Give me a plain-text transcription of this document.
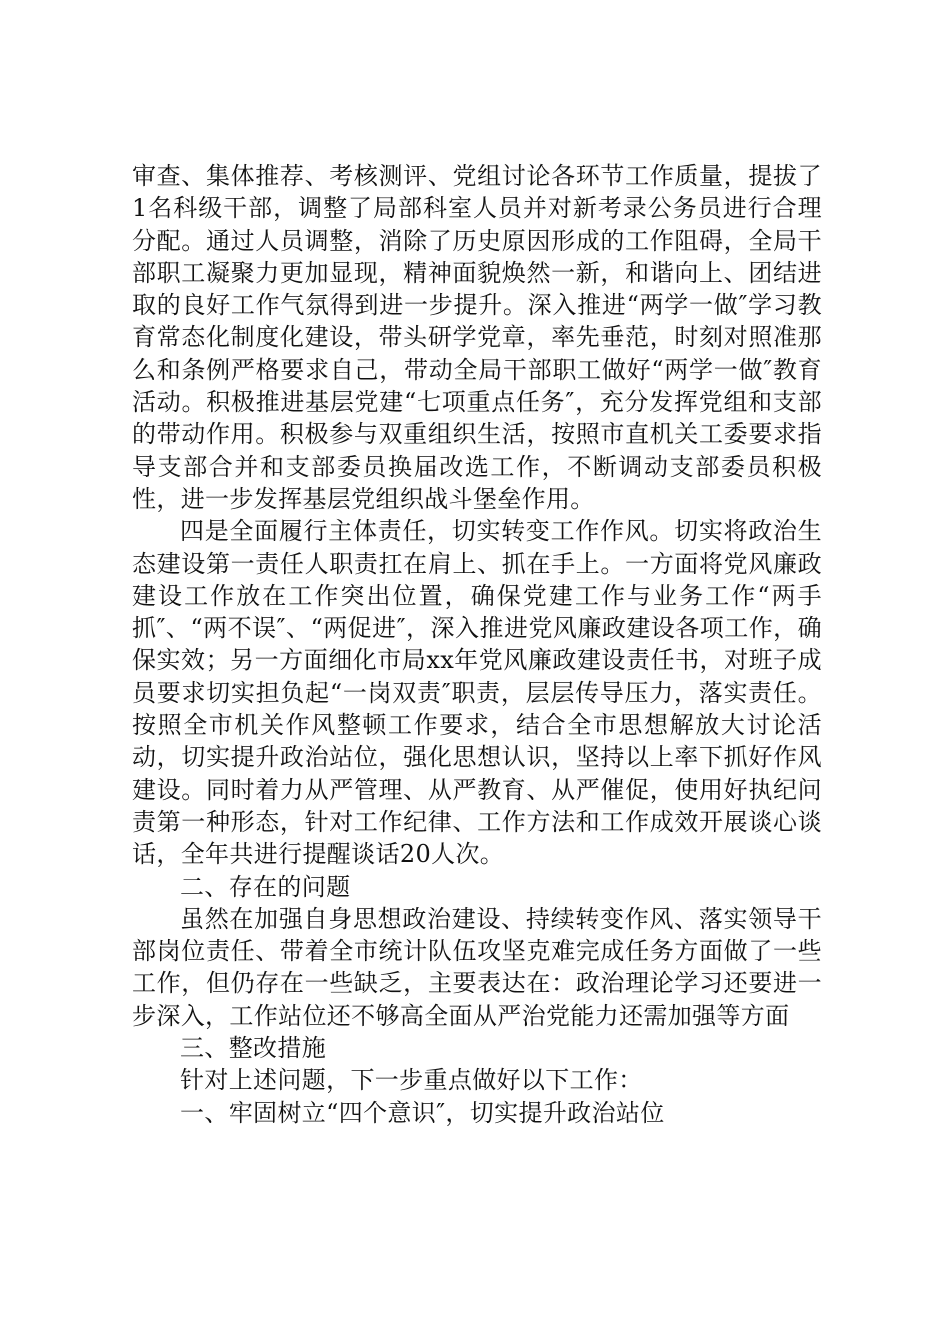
审查、集体推荐、考核测评、党组讨论各环节工作质量，提拔了1名科级干部，调整了局部科室人员并对新考录公务员进行合理分配。通过人员调整，消除了历史原因形成的工作阻碍，全局干部职工凝聚力更加显现，精神面貌焕然一新，和谐向上、团结进取的良好工作气氛得到进一步提升。深入推进“两学一做″学习教育常态化制度化建设，带头研学党章，率先垂范，时刻对照准那么和条例严格要求自己，带动全局干部职工做好“两学一做″教育活动。积极推进基层党建“七项重点任务″，充分发挥党组和支部的带动作用。积极参与双重组织生活，按照市直机关工委要求指导支部合并和支部委员换届改选工作，不断调动支部委员积极性，进一步发挥基层党组织战斗堡垒作用。

四是全面履行主体责任，切实转变工作作风。切实将政治生态建设第一责任人职责扛在肩上、抓在手上。一方面将党风廉政建设工作放在工作突出位置，确保党建工作与业务工作“两手抓″、“两不误″、“两促进″，深入推进党风廉政建设各项工作，确保实效；另一方面细化市局xx年党风廉政建设责任书，对班子成员要求切实担负起“一岗双责″职责，层层传导压力，落实责任。按照全市机关作风整顿工作要求，结合全市思想解放大讨论活动，切实提升政治站位，强化思想认识，坚持以上率下抓好作风建设。同时着力从严管理、从严教育、从严催促，使用好执纪问责第一种形态，针对工作纪律、工作方法和工作成效开展谈心谈话，全年共进行提醒谈话20人次。

二、存在的问题

虽然在加强自身思想政治建设、持续转变作风、落实领导干部岗位责任、带着全市统计队伍攻坚克难完成任务方面做了一些工作，但仍存在一些缺乏，主要表达在：政治理论学习还要进一步深入，工作站位还不够高全面从严治党能力还需加强等方面

三、整改措施

针对上述问题，下一步重点做好以下工作：

一、牢固树立“四个意识″，切实提升政治站位
